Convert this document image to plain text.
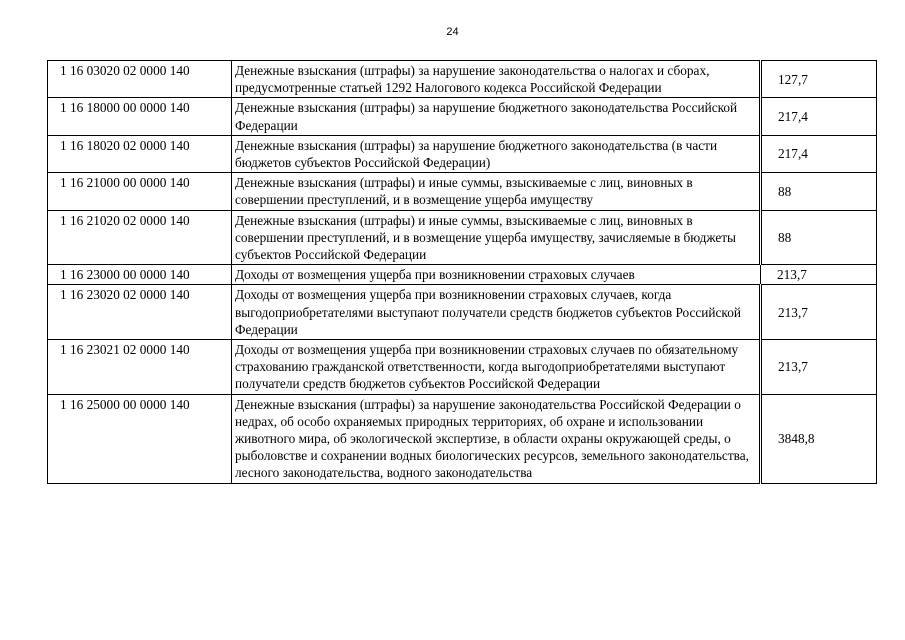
24
1 16 03020 02 0000 140	Денежные взыскания (штрафы) за нарушение законодательства о налогах и сборах, предусмотренные статьей 1292 Налогового кодекса Российской Федерации	127,7
1 16 18000 00 0000 140	Денежные взыскания (штрафы) за нарушение бюджетного законодательства Российской Федерации	217,4
1 16 18020 02 0000 140	Денежные взыскания (штрафы) за нарушение бюджетного законодательства (в части бюджетов субъектов Российской Федерации)	217,4
1 16 21000 00 0000 140	Денежные взыскания (штрафы) и иные суммы, взыскиваемые с лиц, виновных в совершении преступлений, и в возмещение ущерба имуществу	88
1 16 21020 02 0000 140	Денежные взыскания (штрафы) и иные суммы, взыскиваемые с лиц, виновных в совершении преступлений, и в возмещение ущерба имуществу, зачисляемые в бюджеты субъектов Российской Федерации	88
1 16 23000 00 0000 140	Доходы от возмещения ущерба при возникновении страховых случаев	213,7
1 16 23020 02 0000 140	Доходы от возмещения ущерба при возникновении страховых случаев, когда выгодоприобретателями выступают получатели средств бюджетов субъектов Российской Федерации	213,7
1 16 23021 02 0000 140	Доходы от возмещения ущерба при возникновении страховых случаев по обязательному страхованию гражданской ответственности, когда выгодоприобретателями выступают получатели средств бюджетов субъектов Российской Федерации	213,7
1 16 25000 00 0000 140	Денежные взыскания (штрафы) за нарушение законодательства Российской Федерации о недрах, об особо охраняемых природных территориях, об охране и использовании животного мира, об экологической экспертизе, в области охраны окружающей среды, о рыболовстве и сохранении водных биологических ресурсов, земельного законодательства, лесного законодательства, водного законодательства	3848,8
